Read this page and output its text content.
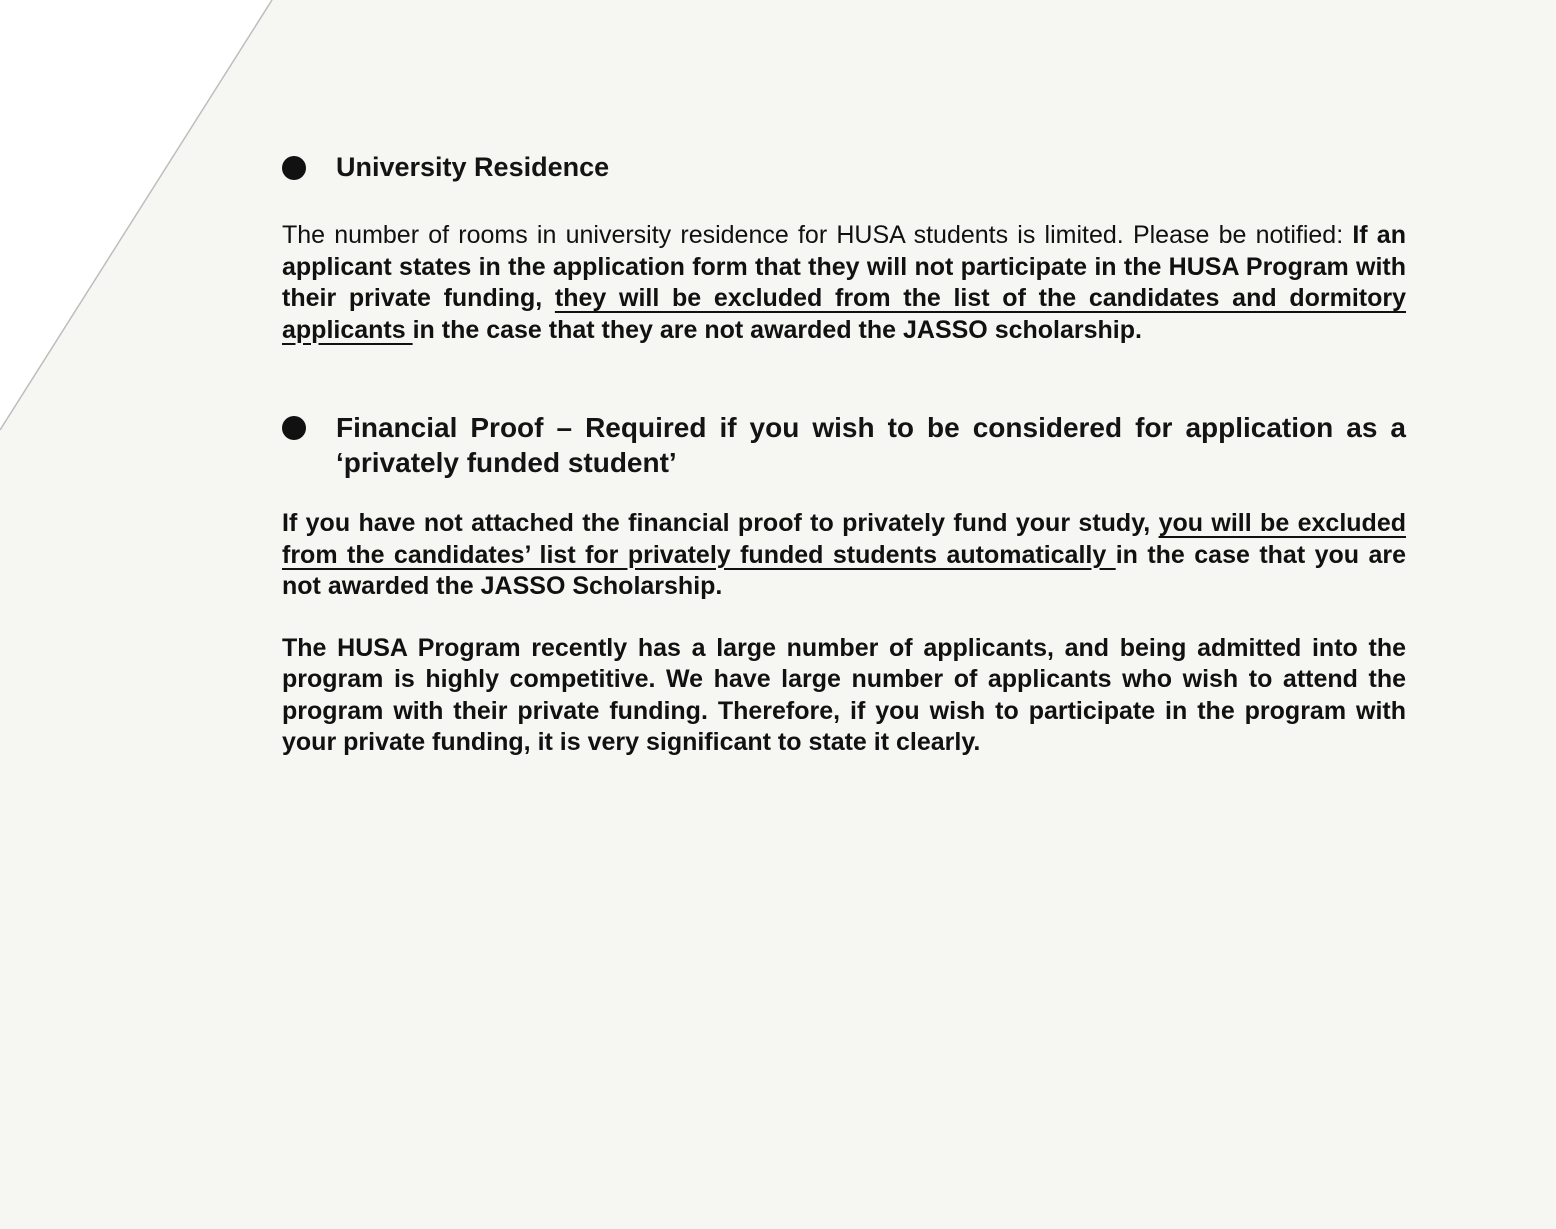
University Residence

The number of rooms in university residence for HUSA students is limited. Please be notified: If an applicant states in the application form that they will not participate in the HUSA Program with their private funding, they will be excluded from the list of the candidates and dormitory applicants in the case that they are not awarded the JASSO scholarship.

Financial Proof – Required if you wish to be considered for application as a ‘privately funded student’

If you have not attached the financial proof to privately fund your study, you will be excluded from the candidates’ list for privately funded students automatically in the case that you are not awarded the JASSO Scholarship.

The HUSA Program recently has a large number of applicants, and being admitted into the program is highly competitive. We have large number of applicants who wish to attend the program with their private funding. Therefore, if you wish to participate in the program with your private funding, it is very significant to state it clearly.
